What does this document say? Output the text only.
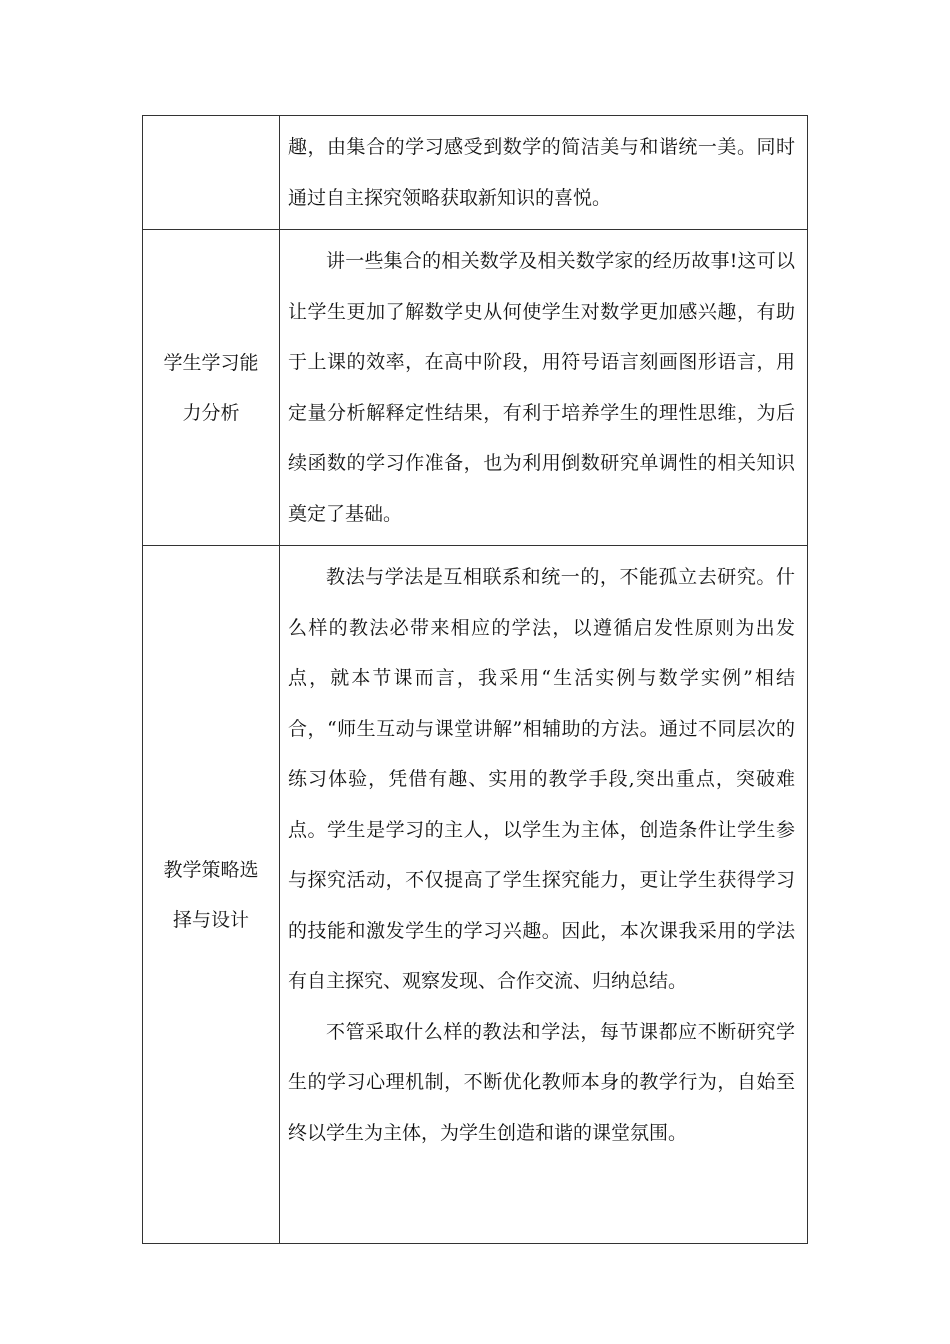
	趣，由集合的学习感受到数学的简洁美与和谐统一美。同时通过自主探究领略获取新知识的喜悦。

学生学习能力分析	讲一些集合的相关数学及相关数学家的经历故事!这可以让学生更加了解数学史从何使学生对数学更加感兴趣，有助于上课的效率，在高中阶段，用符号语言刻画图形语言，用定量分析解释定性结果，有利于培养学生的理性思维，为后续函数的学习作准备，也为利用倒数研究单调性的相关知识奠定了基础。

教学策略选择与设计	教法与学法是互相联系和统一的，不能孤立去研究。什么样的教法必带来相应的学法，以遵循启发性原则为出发点，就本节课而言，我采用“生活实例与数学实例”相结合，“师生互动与课堂讲解”相辅助的方法。通过不同层次的练习体验，凭借有趣、实用的教学手段,突出重点，突破难点。学生是学习的主人，以学生为主体，创造条件让学生参与探究活动，不仅提高了学生探究能力，更让学生获得学习的技能和激发学生的学习兴趣。因此，本次课我采用的学法有自主探究、观察发现、合作交流、归纳总结。

不管采取什么样的教法和学法，每节课都应不断研究学生的学习心理机制，不断优化教师本身的教学行为，自始至终以学生为主体，为学生创造和谐的课堂氛围。
